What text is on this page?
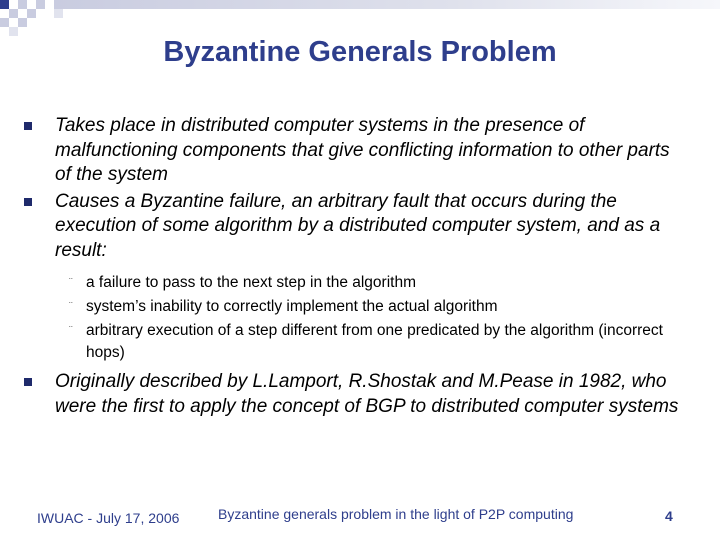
Byzantine Generals Problem
Takes place in distributed computer systems in the presence of malfunctioning components that give conflicting information to other parts of the system
Causes a Byzantine failure, an arbitrary fault that occurs during the execution of some algorithm by a distributed computer system, and as a result:
¨ a failure to pass to the next step in the algorithm
¨ system’s inability to correctly implement the actual algorithm
¨ arbitrary execution of a step different from one predicated by the algorithm (incorrect hops)
Originally described by L.Lamport, R.Shostak and M.Pease in 1982, who were the first to apply the concept of BGP to distributed computer systems
IWUAC - July 17, 2006	Byzantine generals problem in the light of P2P computing	4
